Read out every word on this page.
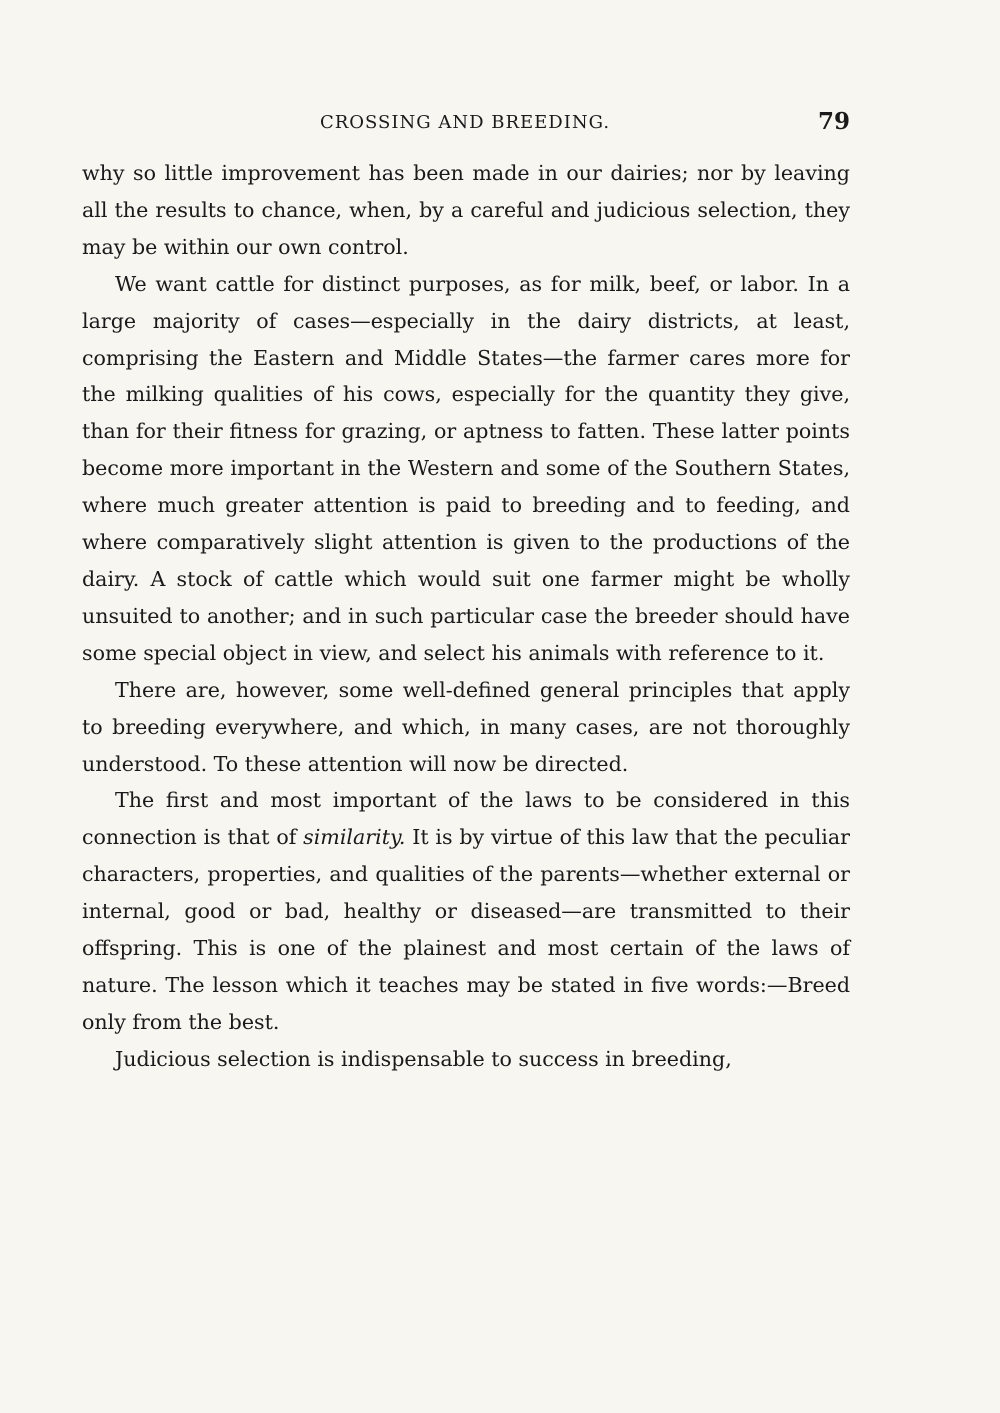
CROSSING AND BREEDING.	79

why so little improvement has been made in our dairies; nor by leaving all the results to chance, when, by a careful and judicious selection, they may be within our own control.

We want cattle for distinct purposes, as for milk, beef, or labor. In a large majority of cases—especially in the dairy districts, at least, comprising the Eastern and Middle States—the farmer cares more for the milking qualities of his cows, especially for the quantity they give, than for their fitness for grazing, or aptness to fatten. These latter points become more important in the Western and some of the Southern States, where much greater attention is paid to breeding and to feeding, and where comparatively slight attention is given to the productions of the dairy. A stock of cattle which would suit one farmer might be wholly unsuited to another; and in such particular case the breeder should have some special object in view, and select his animals with reference to it.

There are, however, some well-defined general principles that apply to breeding everywhere, and which, in many cases, are not thoroughly understood. To these attention will now be directed.

The first and most important of the laws to be considered in this connection is that of similarity. It is by virtue of this law that the peculiar characters, properties, and qualities of the parents—whether external or internal, good or bad, healthy or diseased—are transmitted to their offspring. This is one of the plainest and most certain of the laws of nature. The lesson which it teaches may be stated in five words:—Breed only from the best.

Judicious selection is indispensable to success in breeding,
